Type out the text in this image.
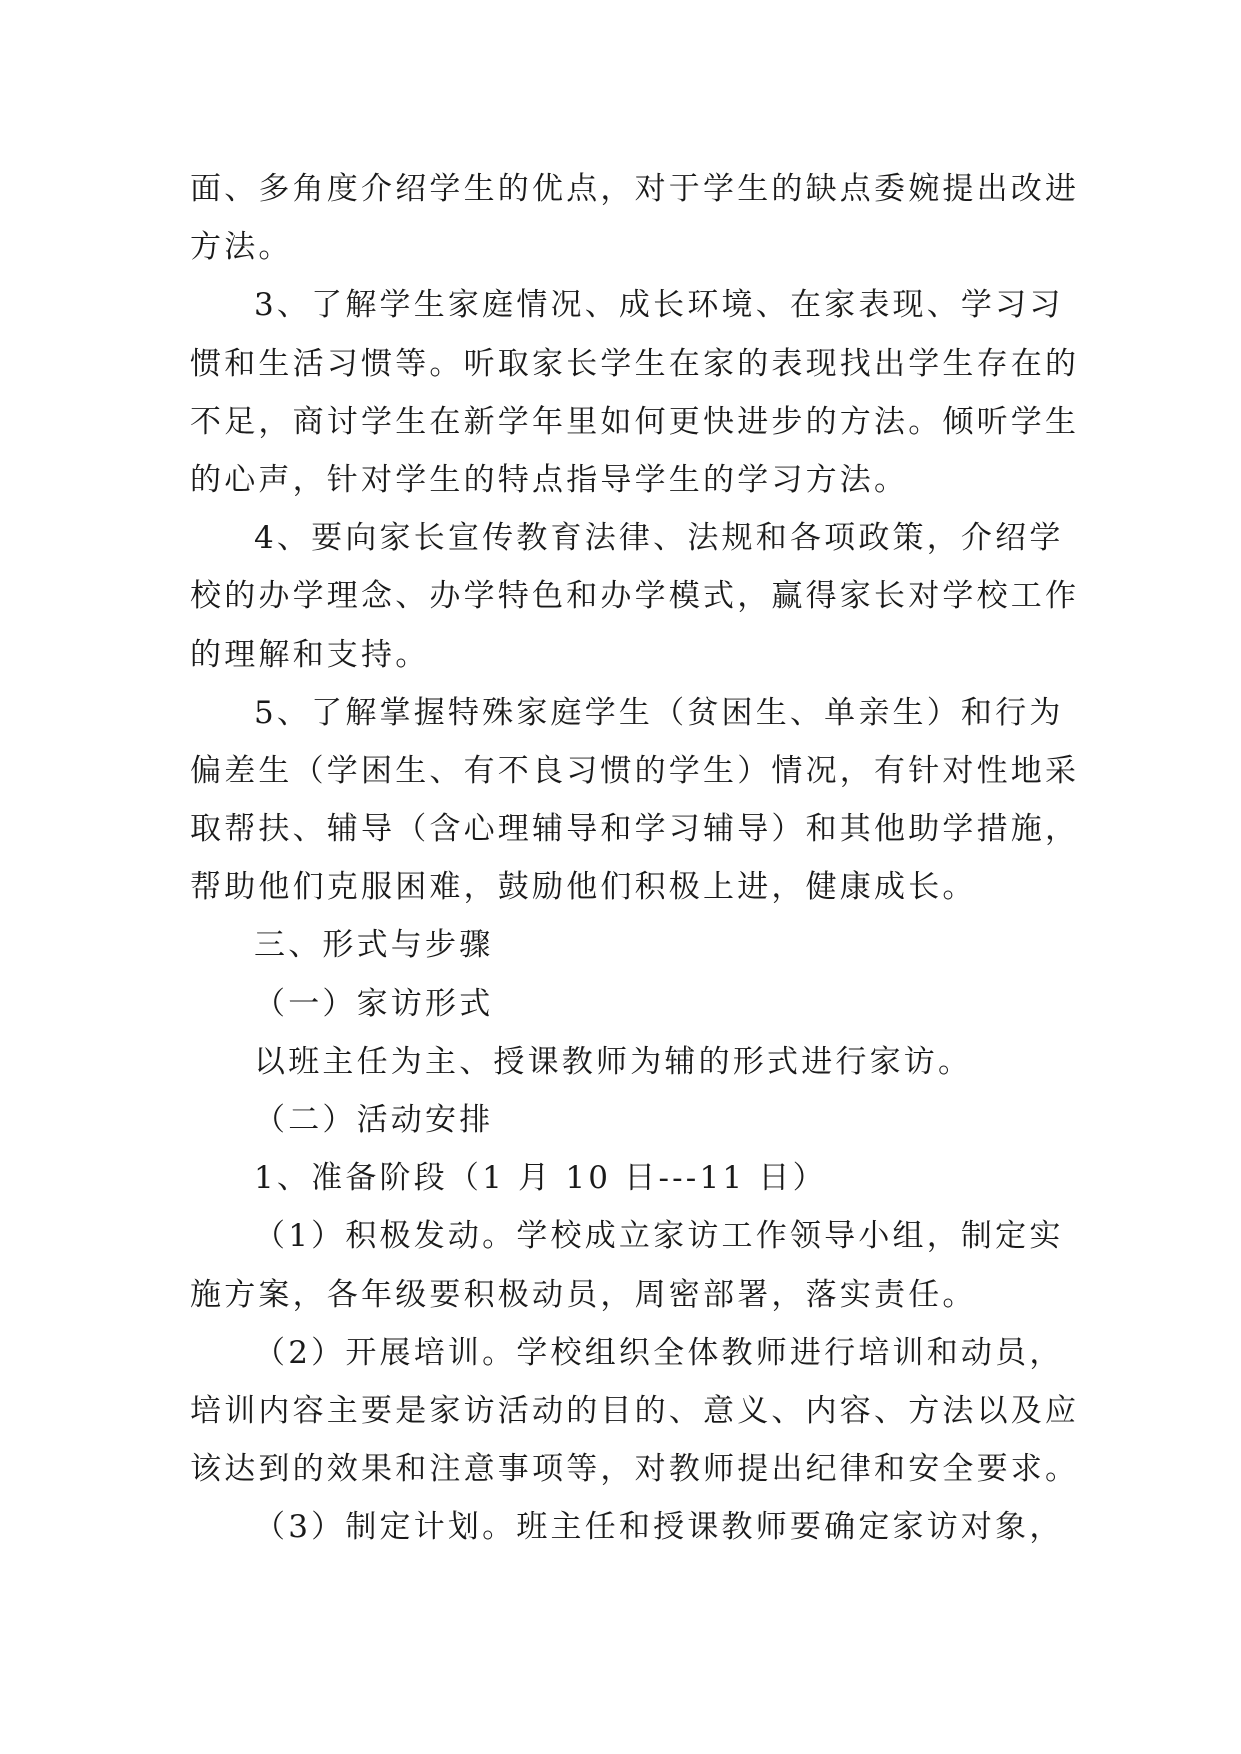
面、多角度介绍学生的优点，对于学生的缺点委婉提出改进

方法。

3、了解学生家庭情况、成长环境、在家表现、学习习

惯和生活习惯等。听取家长学生在家的表现找出学生存在的

不足，商讨学生在新学年里如何更快进步的方法。倾听学生

的心声，针对学生的特点指导学生的学习方法。

4、要向家长宣传教育法律、法规和各项政策，介绍学

校的办学理念、办学特色和办学模式，赢得家长对学校工作

的理解和支持。

5、了解掌握特殊家庭学生（贫困生、单亲生）和行为

偏差生（学困生、有不良习惯的学生）情况，有针对性地采

取帮扶、辅导（含心理辅导和学习辅导）和其他助学措施，

帮助他们克服困难，鼓励他们积极上进，健康成长。

三、形式与步骤

（一）家访形式

以班主任为主、授课教师为辅的形式进行家访。

（二）活动安排

1、准备阶段（1 月 10 日---11 日）

（1）积极发动。学校成立家访工作领导小组，制定实

施方案，各年级要积极动员，周密部署，落实责任。

（2）开展培训。学校组织全体教师进行培训和动员，

培训内容主要是家访活动的目的、意义、内容、方法以及应

该达到的效果和注意事项等，对教师提出纪律和安全要求。

（3）制定计划。班主任和授课教师要确定家访对象，
